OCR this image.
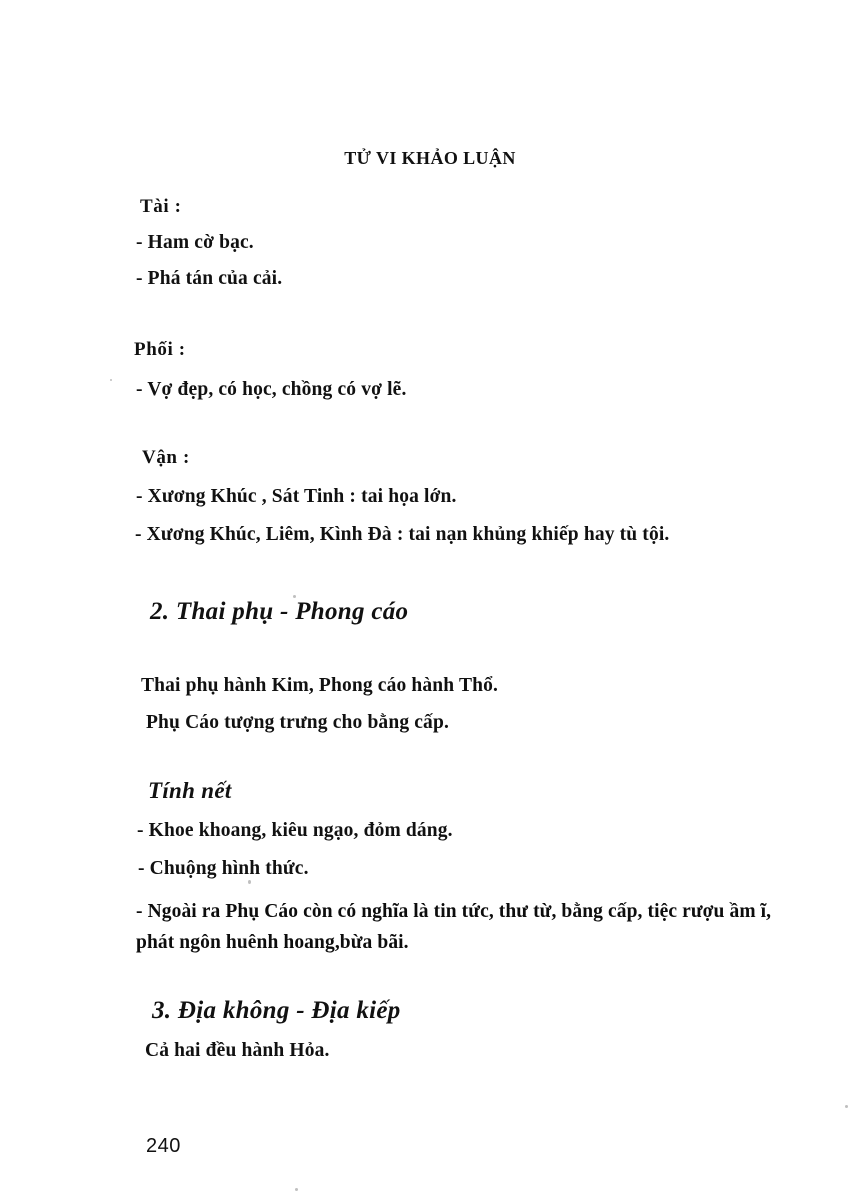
TỬ VI KHẢO LUẬN
Tài :
- Ham cờ bạc.
- Phá tán của cải.
Phối :
- Vợ đẹp, có học, chồng có vợ lẽ.
Vận :
- Xương Khúc , Sát Tinh : tai họa lớn.
- Xương Khúc, Liêm, Kình Đà : tai nạn khủng khiếp hay tù tội.
2. Thai phụ - Phong cáo
Thai phụ hành Kim, Phong cáo hành Thổ.
Phụ Cáo tượng trưng cho bằng cấp.
Tính nết
- Khoe khoang, kiêu ngạo, đỏm dáng.
- Chuộng hình thức.
- Ngoài ra Phụ Cáo còn có nghĩa là tin tức, thư từ, bằng cấp, tiệc rượu ầm ĩ, phát ngôn huênh hoang,bừa bãi.
3. Địa không - Địa kiếp
Cả hai đều hành Hỏa.
240
